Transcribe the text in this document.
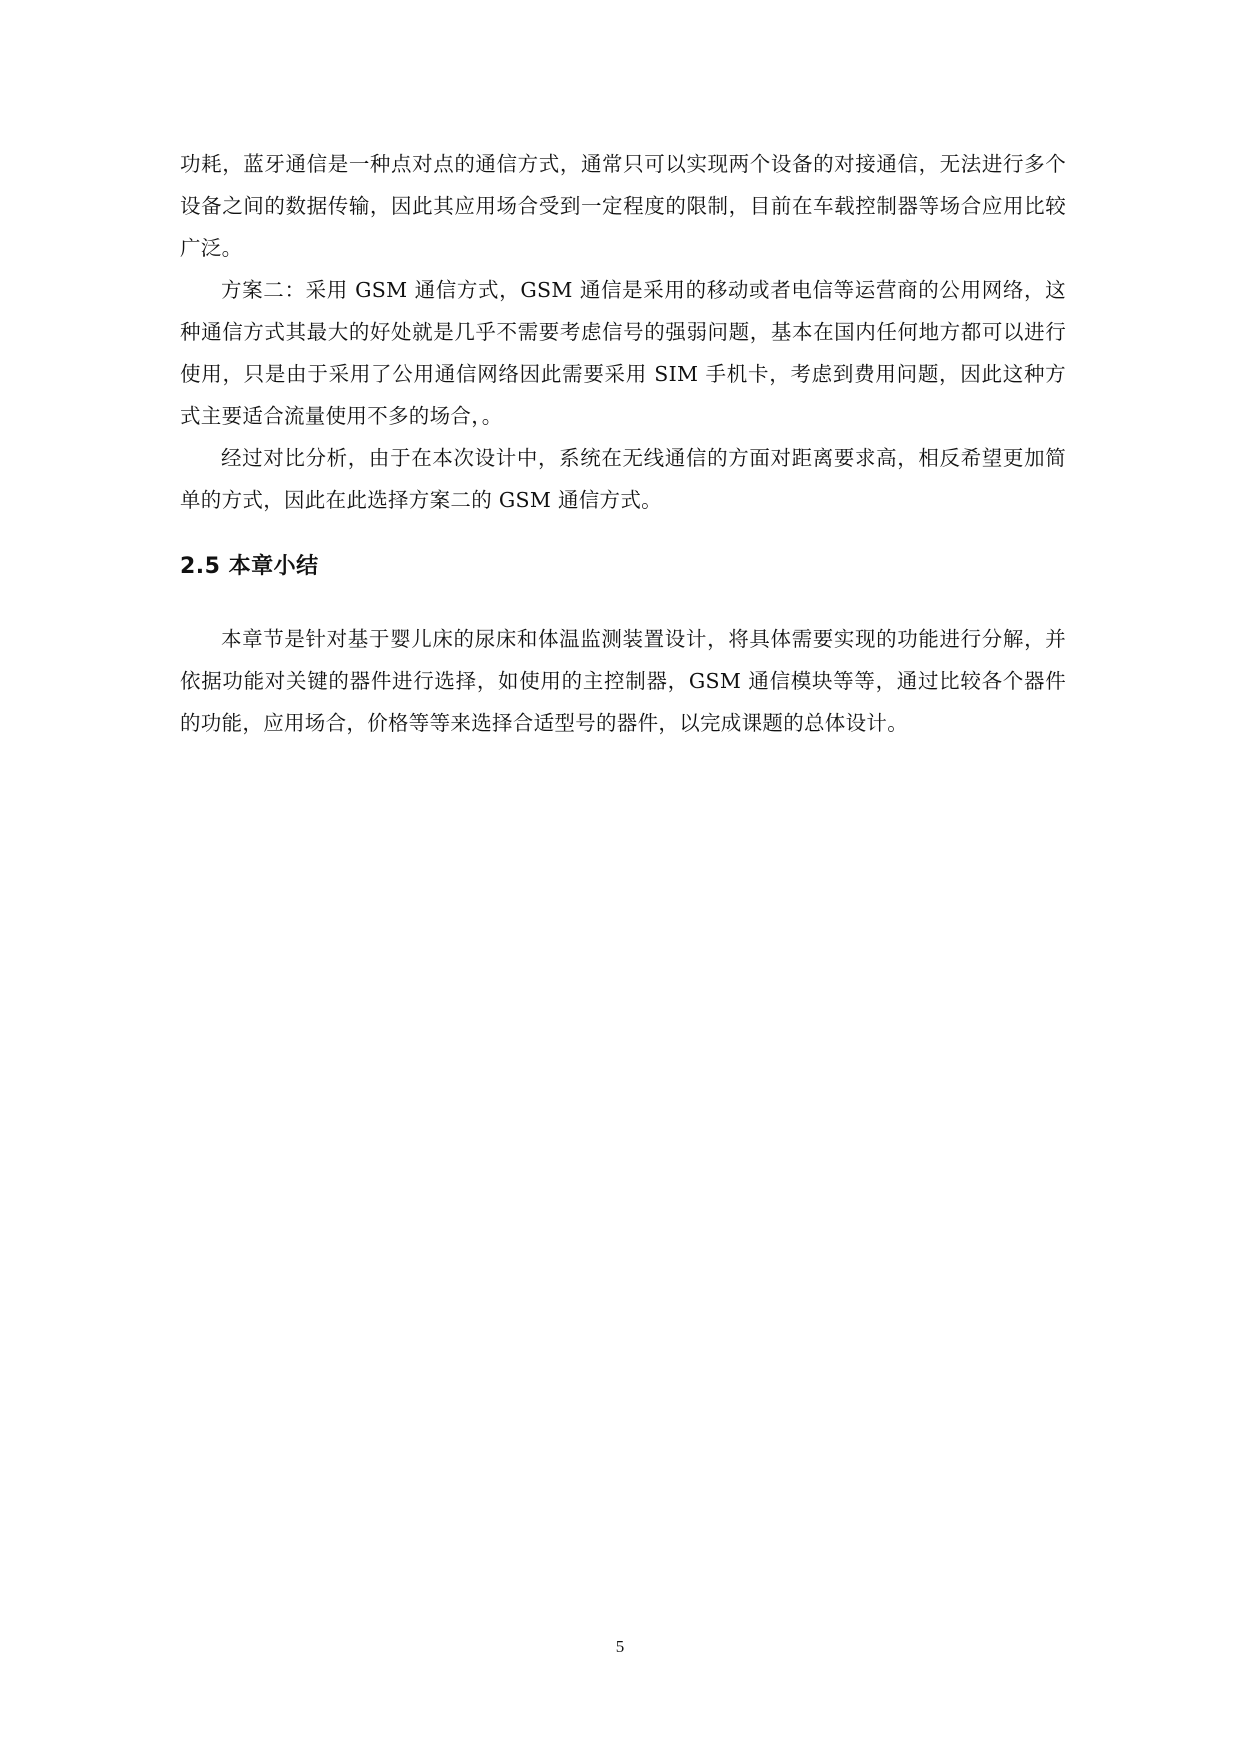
功耗，蓝牙通信是一种点对点的通信方式，通常只可以实现两个设备的对接通信，无法进行多个设备之间的数据传输，因此其应用场合受到一定程度的限制，目前在车载控制器等场合应用比较广泛。

方案二：采用 GSM 通信方式，GSM 通信是采用的移动或者电信等运营商的公用网络，这种通信方式其最大的好处就是几乎不需要考虑信号的强弱问题，基本在国内任何地方都可以进行使用，只是由于采用了公用通信网络因此需要采用 SIM 手机卡，考虑到费用问题，因此这种方式主要适合流量使用不多的场合，。

经过对比分析，由于在本次设计中，系统在无线通信的方面对距离要求高，相反希望更加简单的方式，因此在此选择方案二的 GSM 通信方式。

2.5 本章小结

本章节是针对基于婴儿床的尿床和体温监测装置设计，将具体需要实现的功能进行分解，并依据功能对关键的器件进行选择，如使用的主控制器，GSM 通信模块等等，通过比较各个器件的功能，应用场合，价格等等来选择合适型号的器件，以完成课题的总体设计。

5
